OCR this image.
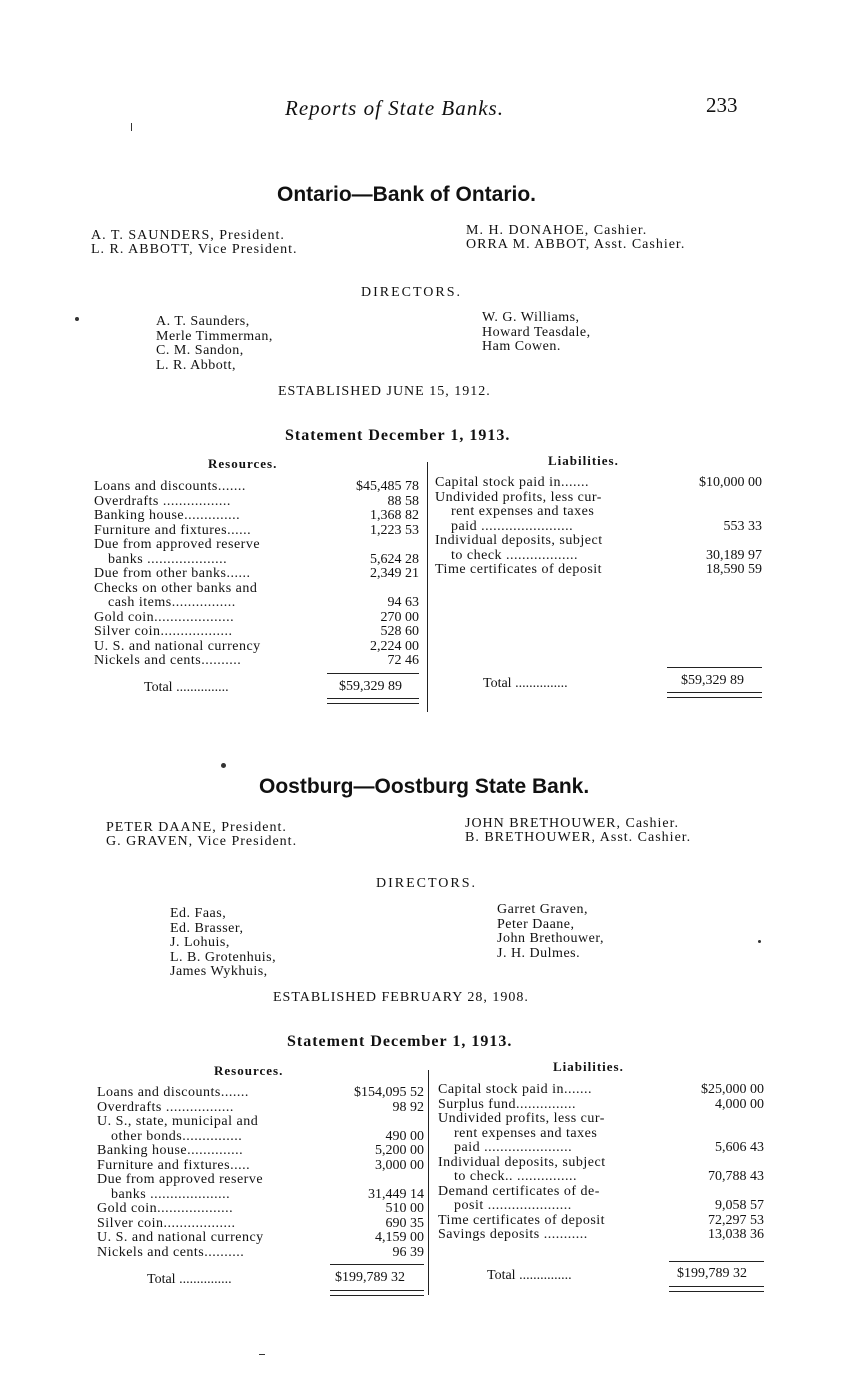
Reports of State Banks.	233
Ontario—Bank of Ontario.
A. T. SAUNDERS, President.
L. R. ABBOTT, Vice President.
M. H. DONAHOE, Cashier.
ORRA M. ABBOT, Asst. Cashier.
DIRECTORS.
A. T. Saunders,
Merle Timmerman,
C. M. Sandon,
L. R. Abbott,
W. G. Williams,
Howard Teasdale,
Ham Cowen.
ESTABLISHED JUNE 15, 1912.
Statement December 1, 1913.
Resources.	Liabilities.
Loans and discounts.......	$45,485 78
Overdrafts .................	88 58
Banking house..............	1,368 82
Furniture and fixtures......	1,223 53
Due from approved reserve
banks ....................	5,624 28
Due from other banks......	2,349 21
Checks on other banks and
cash items................	94 63
Gold coin....................	270 00
Silver coin..................	528 60
U. S. and national currency	2,224 00
Nickels and cents..........	72 46
Total ...............	$59,329 89
Capital stock paid in.......	$10,000 00
Undivided profits, less cur-
rent expenses and taxes
paid .......................	553 33
Individual deposits, subject
to check ..................	30,189 97
Time certificates of deposit	18,590 59
Total ...............	$59,329 89
Oostburg—Oostburg State Bank.
PETER DAANE, President.
G. GRAVEN, Vice President.
JOHN BRETHOUWER, Cashier.
B. BRETHOUWER, Asst. Cashier.
DIRECTORS.
Ed. Faas,
Ed. Brasser,
J. Lohuis,
L. B. Grotenhuis,
James Wykhuis,
Garret Graven,
Peter Daane,
John Brethouwer,
J. H. Dulmes.
ESTABLISHED FEBRUARY 28, 1908.
Statement December 1, 1913.
Resources.	Liabilities.
Loans and discounts.......	$154,095 52
Overdrafts .................	98 92
U. S., state, municipal and
other bonds...............	490 00
Banking house..............	5,200 00
Furniture and fixtures.....	3,000 00
Due from approved reserve
banks ....................	31,449 14
Gold coin...................	510 00
Silver coin..................	690 35
U. S. and national currency	4,159 00
Nickels and cents..........	96 39
Total ...............	$199,789 32
Capital stock paid in.......	$25,000 00
Surplus fund...............	4,000 00
Undivided profits, less cur-
rent expenses and taxes
paid ......................	5,606 43
Individual deposits, subject
to check.. ...............	70,788 43
Demand certificates of de-
posit .....................	9,058 57
Time certificates of deposit	72,297 53
Savings deposits ...........	13,038 36
Total ...............	$199,789 32
